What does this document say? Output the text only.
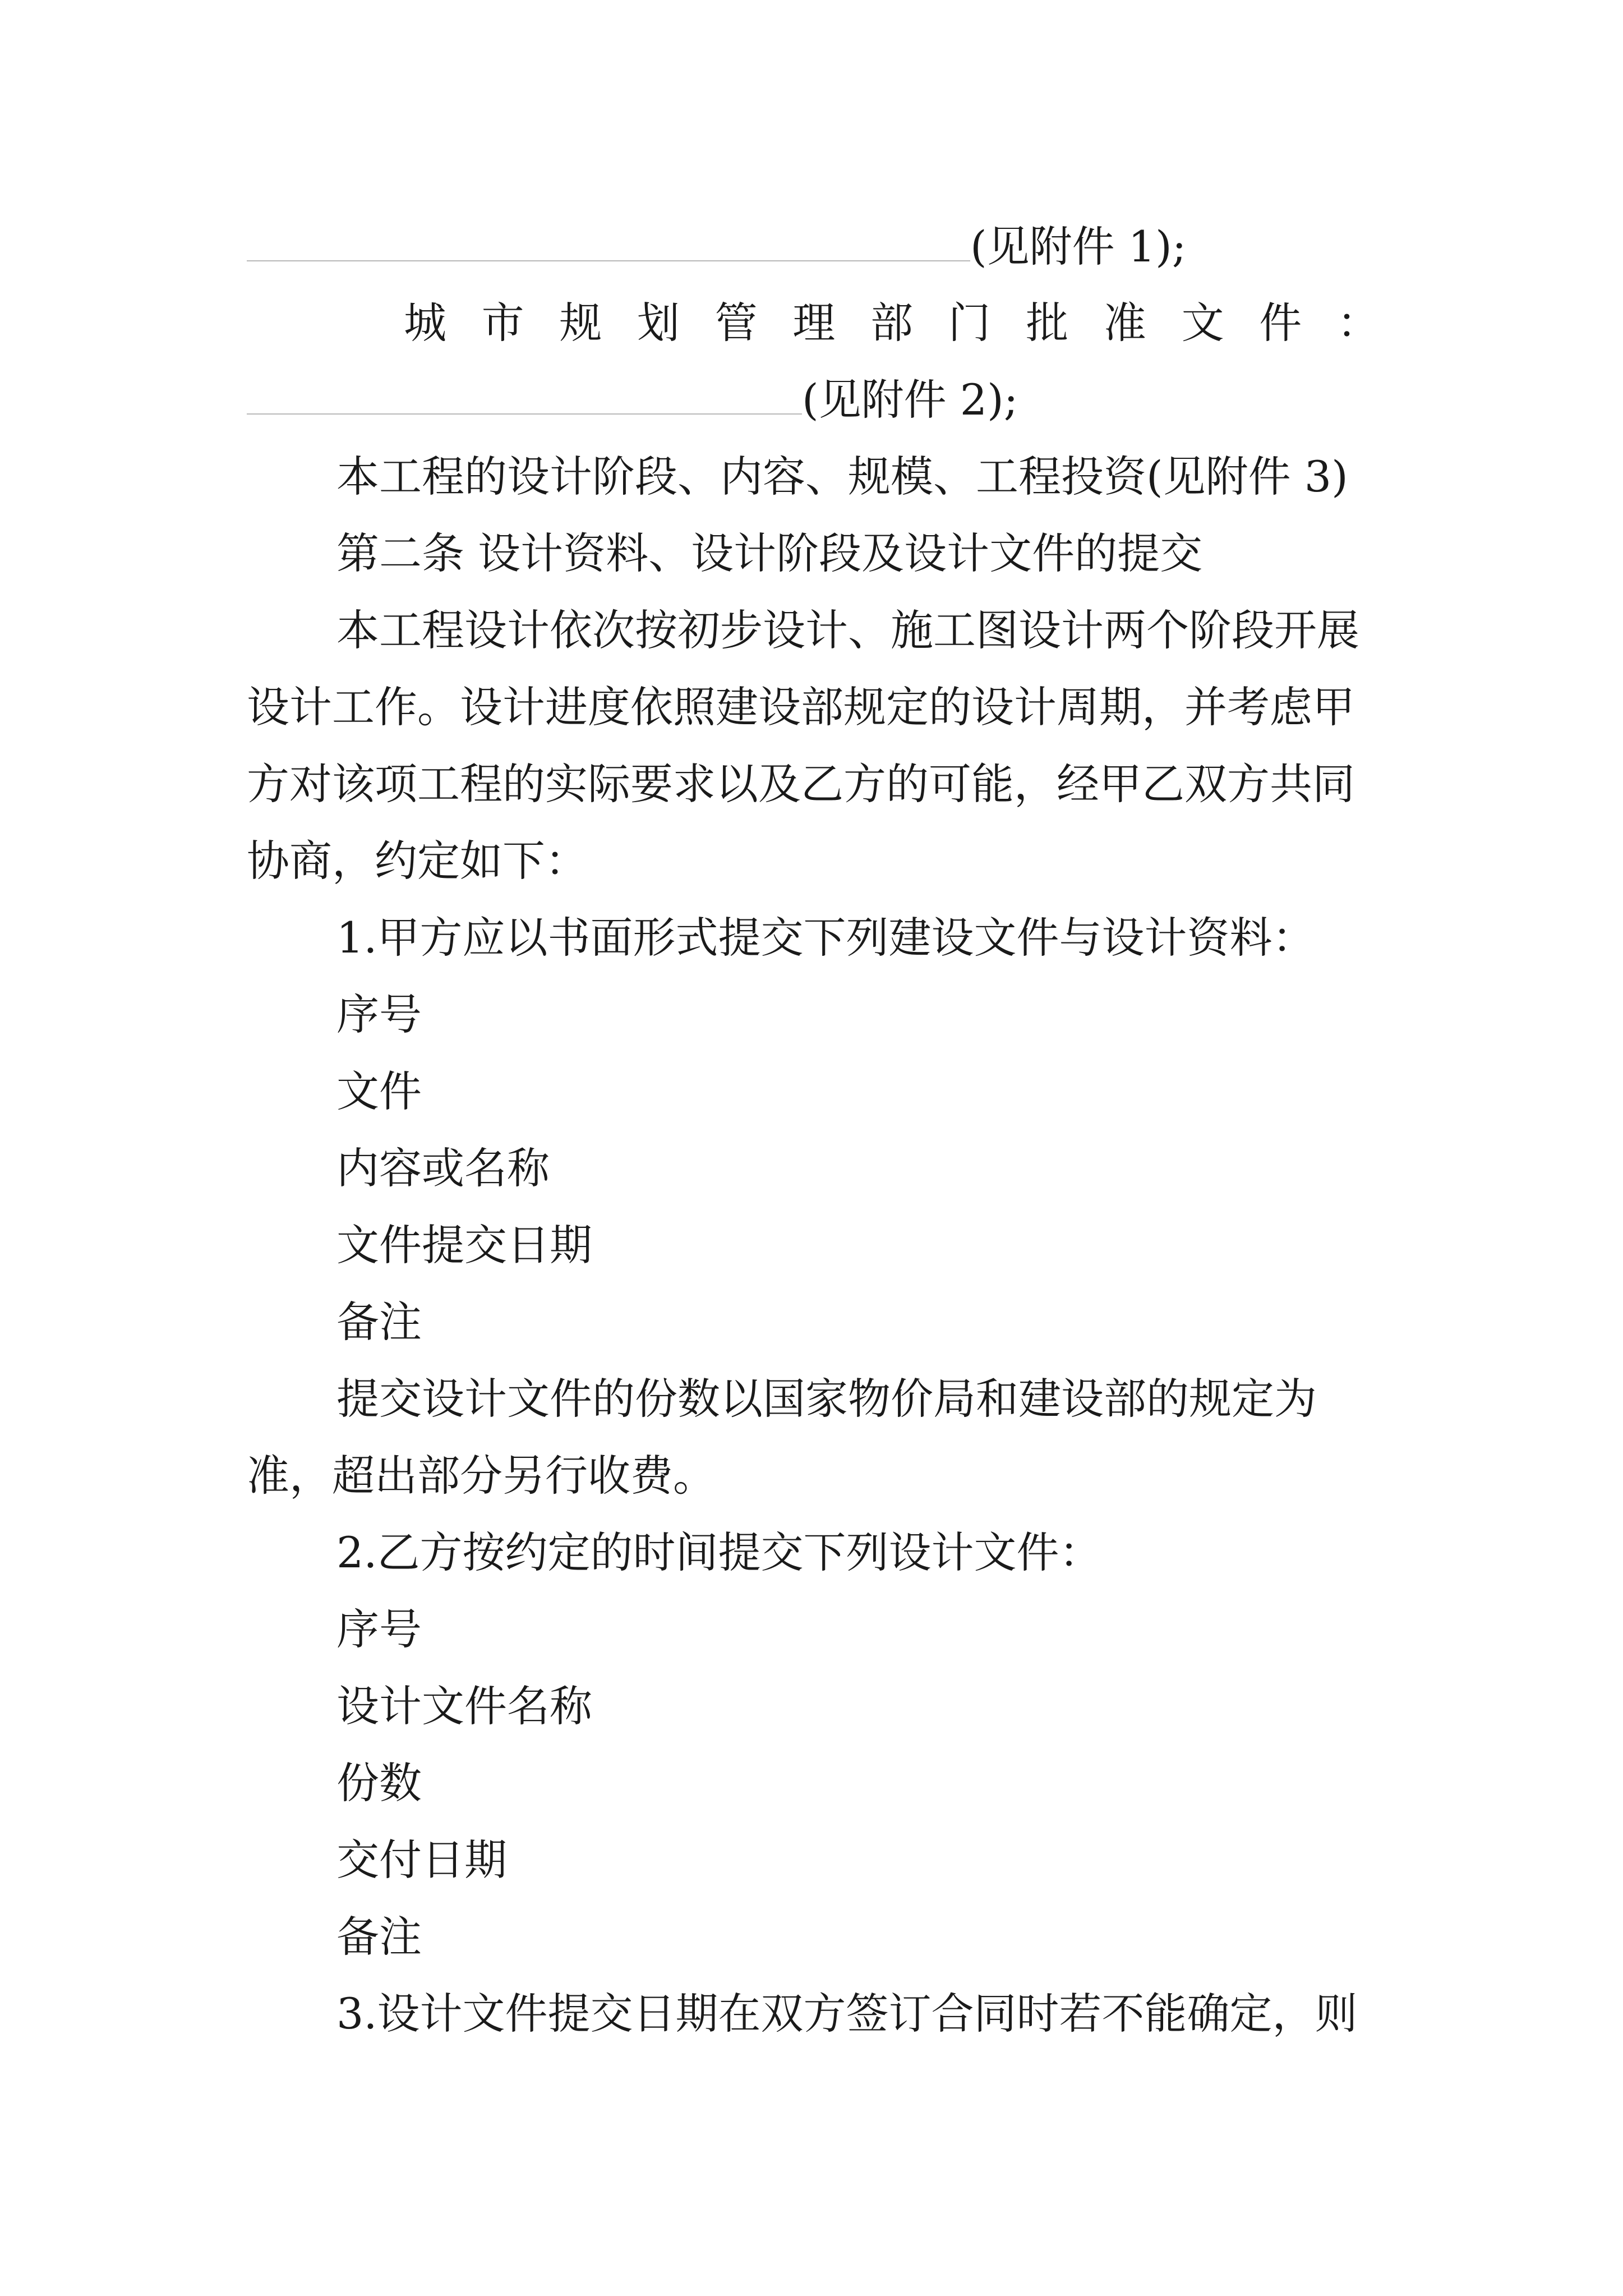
(见附件 1);
城 市 规 划 管 理 部 门 批 准 文 件 ：
(见附件 2);
本工程的设计阶段、内容、规模、工程投资(见附件 3)
第二条 设计资料、设计阶段及设计文件的提交
本工程设计依次按初步设计、施工图设计两个阶段开展
设计工作。设计进度依照建设部规定的设计周期，并考虑甲
方对该项工程的实际要求以及乙方的可能，经甲乙双方共同
协商，约定如下：
1.甲方应以书面形式提交下列建设文件与设计资料：
序号
文件
内容或名称
文件提交日期
备注
提交设计文件的份数以国家物价局和建设部的规定为
准，超出部分另行收费。
2.乙方按约定的时间提交下列设计文件：
序号
设计文件名称
份数
交付日期
备注
3.设计文件提交日期在双方签订合同时若不能确定，则
